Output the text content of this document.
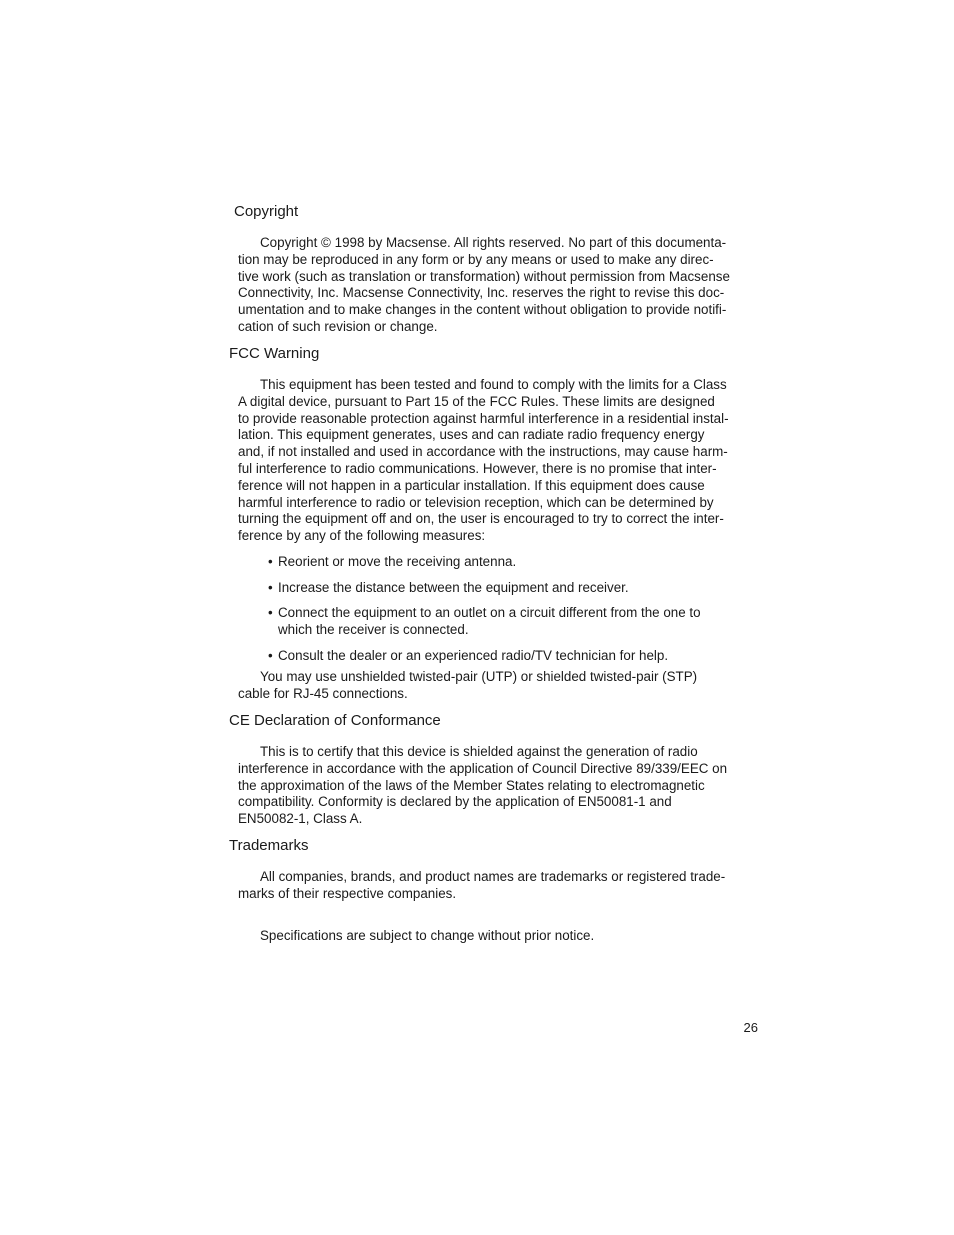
Copyright
Copyright © 1998 by Macsense. All rights reserved. No part of this documenta-
tion may be reproduced in any form or by any means or used to make any direc-
tive work (such as translation or transformation) without permission from Macsense
Connectivity, Inc. Macsense Connectivity, Inc. reserves the right to revise this doc-
umentation and to make changes in the content without obligation to provide notifi-
cation of such revision or change.
FCC Warning
This equipment has been tested and found to comply with the limits for a Class
A digital device, pursuant to Part 15 of the FCC Rules. These limits are designed
to provide reasonable protection against harmful interference in a residential instal-
lation. This equipment generates, uses and can radiate radio frequency energy
and, if not installed and used in accordance with the instructions, may cause harm-
ful interference to radio communications. However, there is no promise that inter-
ference will not happen in a particular installation. If this equipment does cause
harmful interference to radio or television reception, which can be determined by
turning the equipment off and on, the user is encouraged to try to correct the inter-
ference by any of the following measures:
• Reorient or move the receiving antenna.
• Increase the distance between the equipment and receiver.
• Connect the equipment to an outlet on a circuit different from the one to
which the receiver is connected.
• Consult the dealer or an experienced radio/TV technician for help.
You may use unshielded twisted-pair (UTP) or shielded twisted-pair (STP)
cable for RJ-45 connections.
CE Declaration of Conformance
This is to certify that this device is shielded against the generation of radio
interference in accordance with the application of Council Directive 89/339/EEC on
the approximation of the laws of the Member States relating to electromagnetic
compatibility. Conformity is declared by the application of EN50081-1 and
EN50082-1, Class A.
Trademarks
All companies, brands, and product names are trademarks or registered trade-
marks of their respective companies.
Specifications are subject to change without prior notice.

26
